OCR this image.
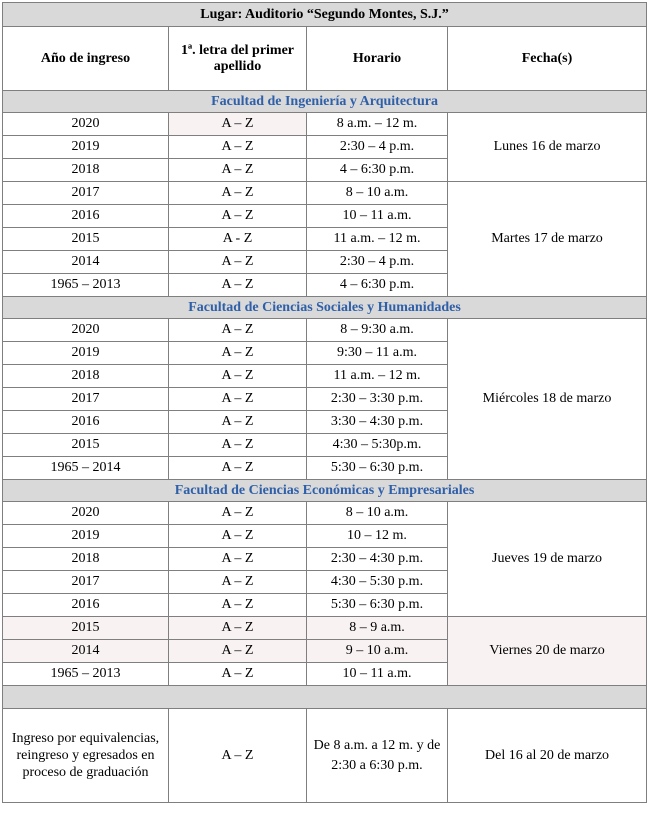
Lugar: Auditorio “Segundo Montes, S.J.”			
Año de ingreso	1ª. letra del primer apellido	Horario	Fecha(s)
Facultad de Ingeniería y Arquitectura			
2020	A – Z	8 a.m. – 12 m.	Lunes 16 de marzo
2019	A – Z	2:30 – 4 p.m.	
2018	A – Z	4 – 6:30 p.m.	
2017	A – Z	8 – 10 a.m.	Martes 17 de marzo
2016	A – Z	10 – 11 a.m.	
2015	A - Z	11 a.m. – 12 m.	
2014	A – Z	2:30 – 4 p.m.	
1965 – 2013	A – Z	4 – 6:30 p.m.	
Facultad de Ciencias Sociales y Humanidades			
2020	A – Z	8 – 9:30 a.m.	Miércoles 18 de marzo
2019	A – Z	9:30 – 11 a.m.	
2018	A – Z	11 a.m. – 12 m.	
2017	A – Z	2:30 – 3:30 p.m.	
2016	A – Z	3:30 – 4:30 p.m.	
2015	A – Z	4:30 – 5:30p.m.	
1965 – 2014	A – Z	5:30 – 6:30 p.m.	
Facultad de Ciencias Económicas y Empresariales			
2020	A – Z	8 – 10 a.m.	Jueves 19 de marzo
2019	A – Z	10 – 12 m.	
2018	A – Z	2:30 – 4:30 p.m.	
2017	A – Z	4:30 – 5:30 p.m.	
2016	A – Z	5:30 – 6:30 p.m.	
2015	A – Z	8 – 9 a.m.	Viernes 20 de marzo
2014	A – Z	9 – 10 a.m.	
1965 – 2013	A – Z	10 – 11 a.m.	

Ingreso por equivalencias, reingreso y egresados en proceso de graduación	A – Z	De 8 a.m. a 12 m. y de 2:30 a 6:30 p.m.	Del 16 al 20 de marzo
